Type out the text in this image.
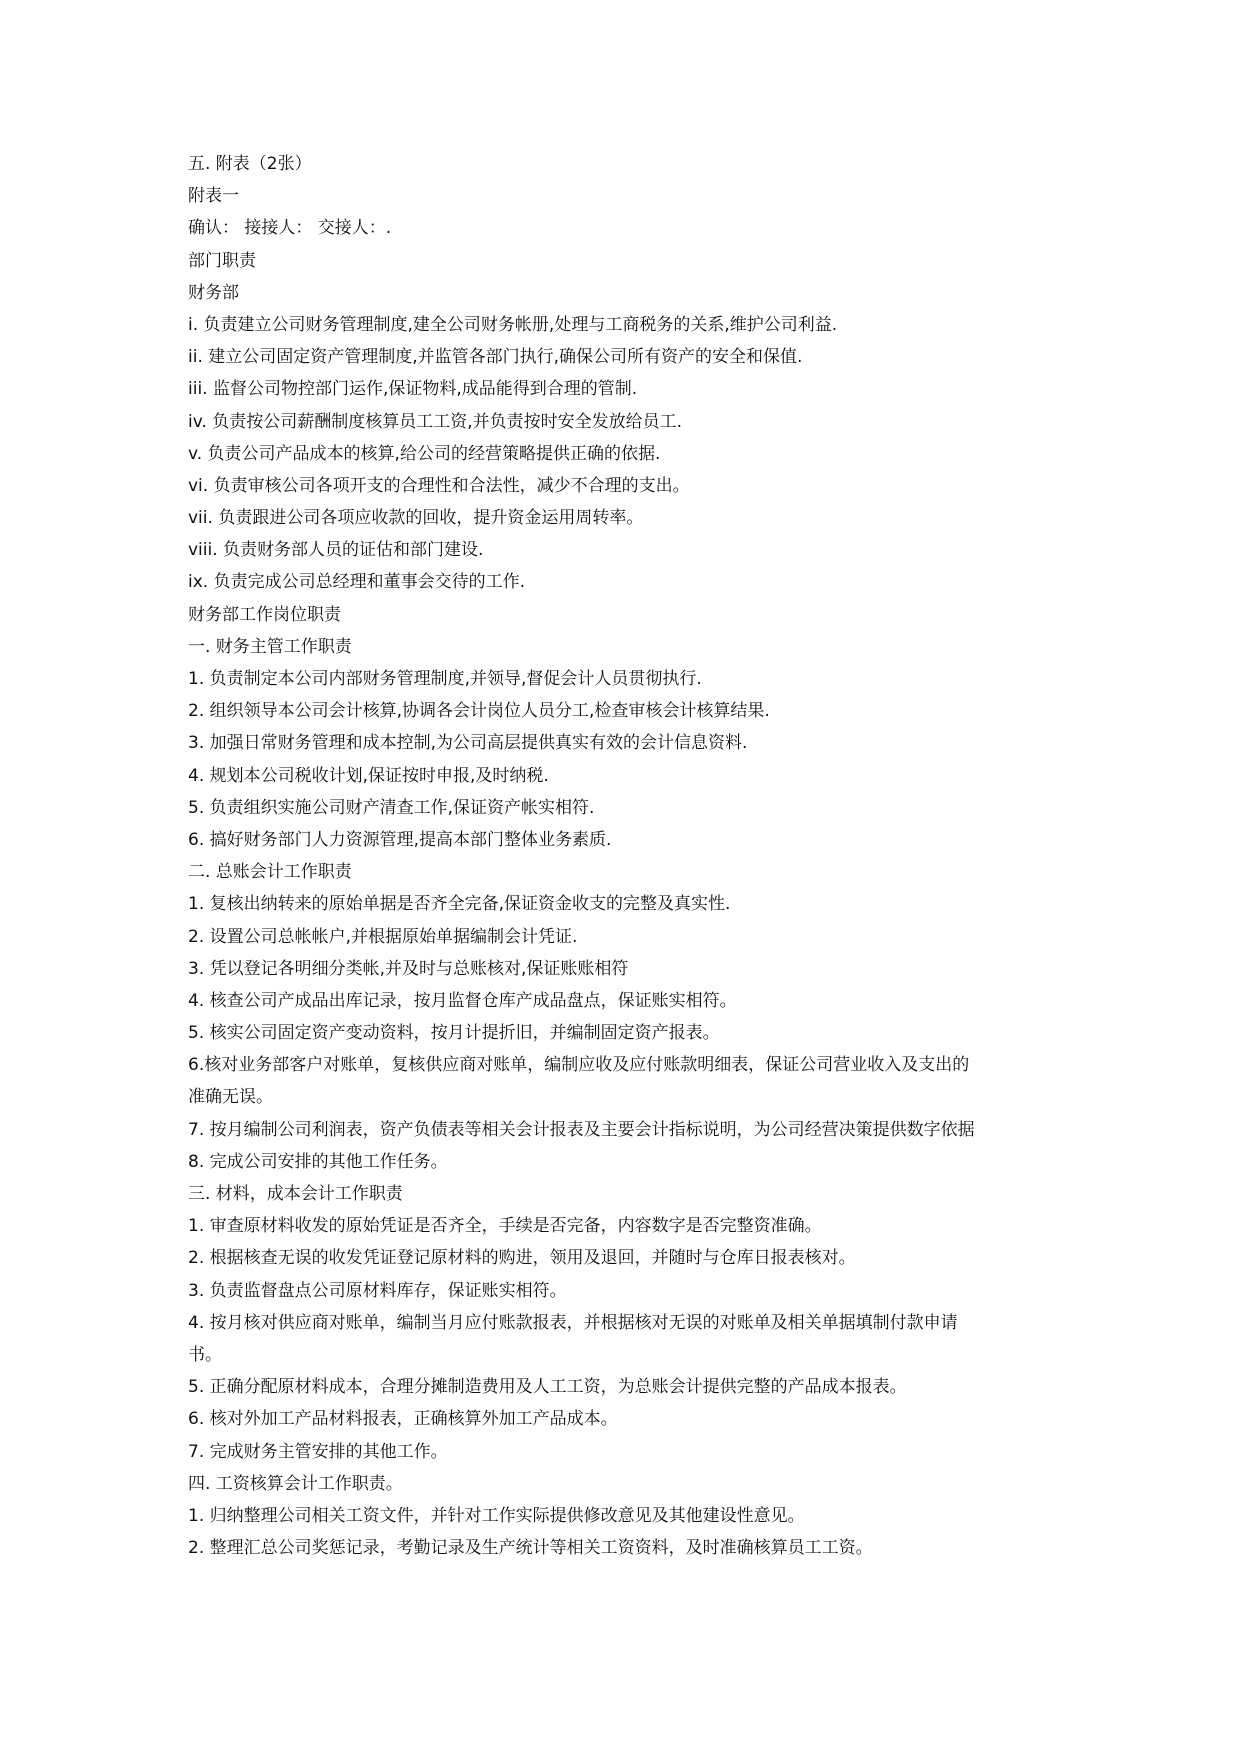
五. 附表（2张）
附表一
确认： 接接人： 交接人：.
部门职责
财务部
i. 负责建立公司财务管理制度,建全公司财务帐册,处理与工商税务的关系,维护公司利益.
ii. 建立公司固定资产管理制度,并监管各部门执行,确保公司所有资产的安全和保值.
iii. 监督公司物控部门运作,保证物料,成品能得到合理的管制.
iv. 负责按公司薪酬制度核算员工工资,并负责按时安全发放给员工.
v. 负责公司产品成本的核算,给公司的经营策略提供正确的依据.
vi. 负责审核公司各项开支的合理性和合法性，减少不合理的支出。
vii. 负责跟进公司各项应收款的回收，提升资金运用周转率。
viii. 负责财务部人员的证估和部门建设.
ix. 负责完成公司总经理和董事会交待的工作.
财务部工作岗位职责
一. 财务主管工作职责
1. 负责制定本公司内部财务管理制度,并领导,督促会计人员贯彻执行.
2. 组织领导本公司会计核算,协调各会计岗位人员分工,检查审核会计核算结果.
3. 加强日常财务管理和成本控制,为公司高层提供真实有效的会计信息资料.
4. 规划本公司税收计划,保证按时申报,及时纳税.
5. 负责组织实施公司财产清查工作,保证资产帐实相符.
6. 搞好财务部门人力资源管理,提高本部门整体业务素质.
二. 总账会计工作职责
1. 复核出纳转来的原始单据是否齐全完备,保证资金收支的完整及真实性.
2. 设置公司总帐帐户,并根据原始单据编制会计凭证.
3. 凭以登记各明细分类帐,并及时与总账核对,保证账账相符
4. 核查公司产成品出库记录，按月监督仓库产成品盘点，保证账实相符。
5. 核实公司固定资产变动资料，按月计提折旧，并编制固定资产报表。
6.核对业务部客户对账单，复核供应商对账单，编制应收及应付账款明细表，保证公司营业收入及支出的
准确无误。
7. 按月编制公司利润表，资产负债表等相关会计报表及主要会计指标说明，为公司经营决策提供数字依据
8. 完成公司安排的其他工作任务。
三. 材料，成本会计工作职责
1. 审查原材料收发的原始凭证是否齐全，手续是否完备，内容数字是否完整资准确。
2. 根据核查无误的收发凭证登记原材料的购进，领用及退回，并随时与仓库日报表核对。
3. 负责监督盘点公司原材料库存，保证账实相符。
4. 按月核对供应商对账单，编制当月应付账款报表，并根据核对无误的对账单及相关单据填制付款申请
书。
5. 正确分配原材料成本，合理分摊制造费用及人工工资，为总账会计提供完整的产品成本报表。
6. 核对外加工产品材料报表，正确核算外加工产品成本。
7. 完成财务主管安排的其他工作。
四. 工资核算会计工作职责。
1. 归纳整理公司相关工资文件，并针对工作实际提供修改意见及其他建设性意见。
2. 整理汇总公司奖惩记录，考勤记录及生产统计等相关工资资料，及时准确核算员工工资。
